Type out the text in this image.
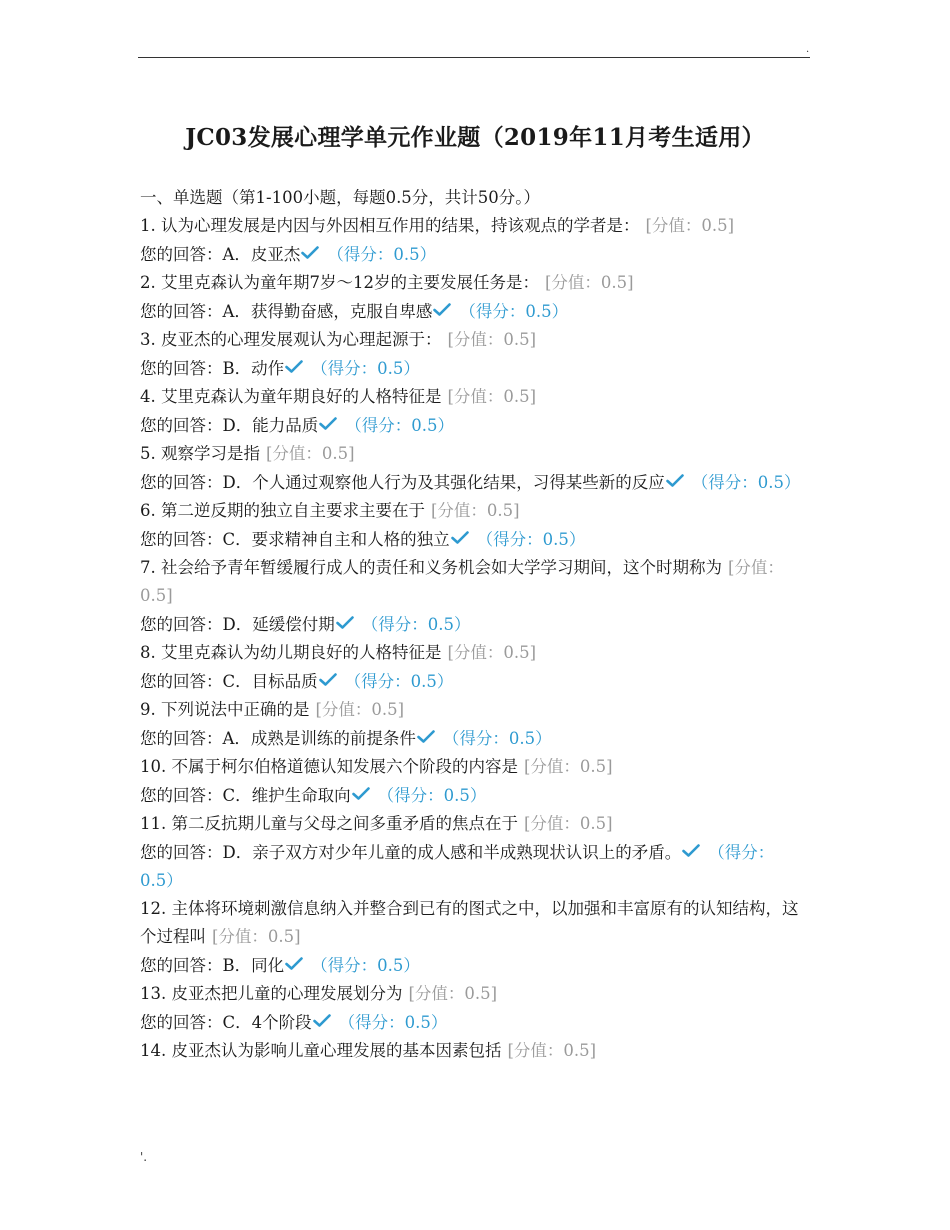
.
JC03发展心理学单元作业题（2019年11月考生适用）

一、单选题（第1-100小题，每题0.5分，共计50分。）

1. 认为心理发展是内因与外因相互作用的结果，持该观点的学者是： [分值：0.5]

您的回答：A．皮亚杰 （得分：0.5）

2. 艾里克森认为童年期7岁～12岁的主要发展任务是： [分值：0.5]

您的回答：A．获得勤奋感，克服自卑感 （得分：0.5）

3. 皮亚杰的心理发展观认为心理起源于： [分值：0.5]

您的回答：B．动作 （得分：0.5）

4. 艾里克森认为童年期良好的人格特征是 [分值：0.5]

您的回答：D．能力品质 （得分：0.5）

5. 观察学习是指 [分值：0.5]

您的回答：D．个人通过观察他人行为及其强化结果，习得某些新的反应 （得分：0.5）

6. 第二逆反期的独立自主要求主要在于 [分值：0.5]

您的回答：C．要求精神自主和人格的独立 （得分：0.5）

7. 社会给予青年暂缓履行成人的责任和义务机会如大学学习期间，这个时期称为 [分值：0.5]

您的回答：D．延缓偿付期 （得分：0.5）

8. 艾里克森认为幼儿期良好的人格特征是 [分值：0.5]

您的回答：C．目标品质 （得分：0.5）

9. 下列说法中正确的是 [分值：0.5]

您的回答：A．成熟是训练的前提条件 （得分：0.5）

10. 不属于柯尔伯格道德认知发展六个阶段的内容是 [分值：0.5]

您的回答：C．维护生命取向 （得分：0.5）

11. 第二反抗期儿童与父母之间多重矛盾的焦点在于 [分值：0.5]

您的回答：D．亲子双方对少年儿童的成人感和半成熟现状认识上的矛盾。 （得分：0.5）

12. 主体将环境刺激信息纳入并整合到已有的图式之中，以加强和丰富原有的认知结构，这个过程叫 [分值：0.5]

您的回答：B．同化 （得分：0.5）

13. 皮亚杰把儿童的心理发展划分为 [分值：0.5]

您的回答：C．4个阶段 （得分：0.5）

14. 皮亚杰认为影响儿童心理发展的基本因素包括 [分值：0.5]

'.
